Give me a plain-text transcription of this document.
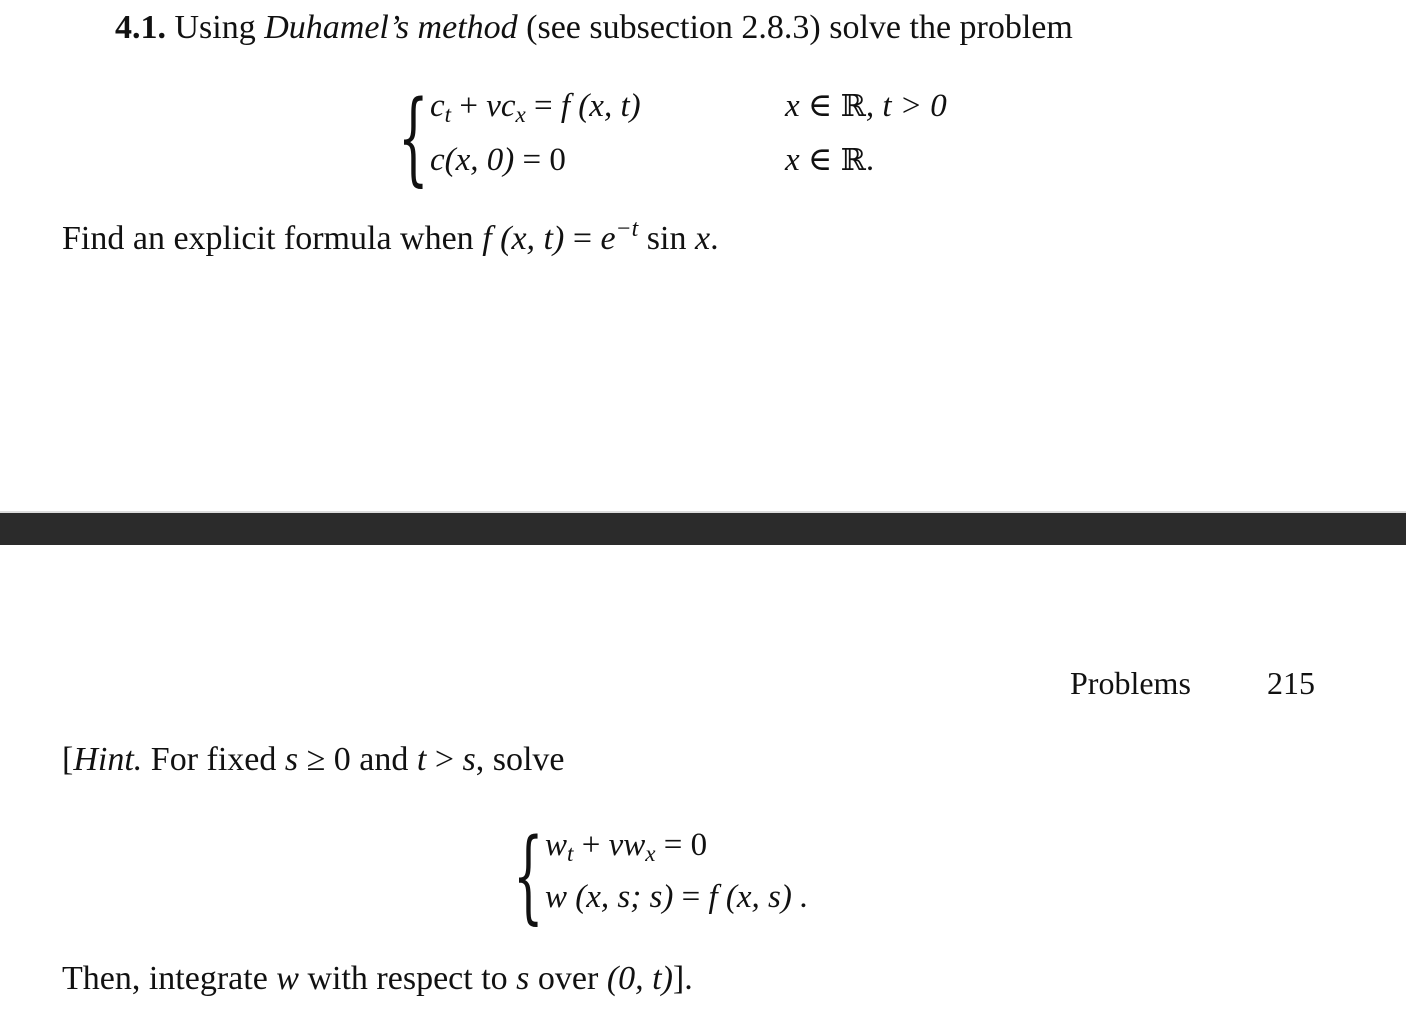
4.1. Using Duhamel’s method (see subsection 2.8.3) solve the problem
{ $c_t + vc_x = f$ (x, t)	x ∈ ℝ, t > 0
c(x, 0) = 0	x ∈ ℝ.
Find an explicit formula when f (x, $t) = e^{-t}$ sin x.
Problems 215
[Hint. For fixed s ≥ 0 and t > s, solve
{ $w_t + vw_x = 0$
w (x, s; s) = f (x, s) .
Then, integrate w with respect to s over (0, t)].
